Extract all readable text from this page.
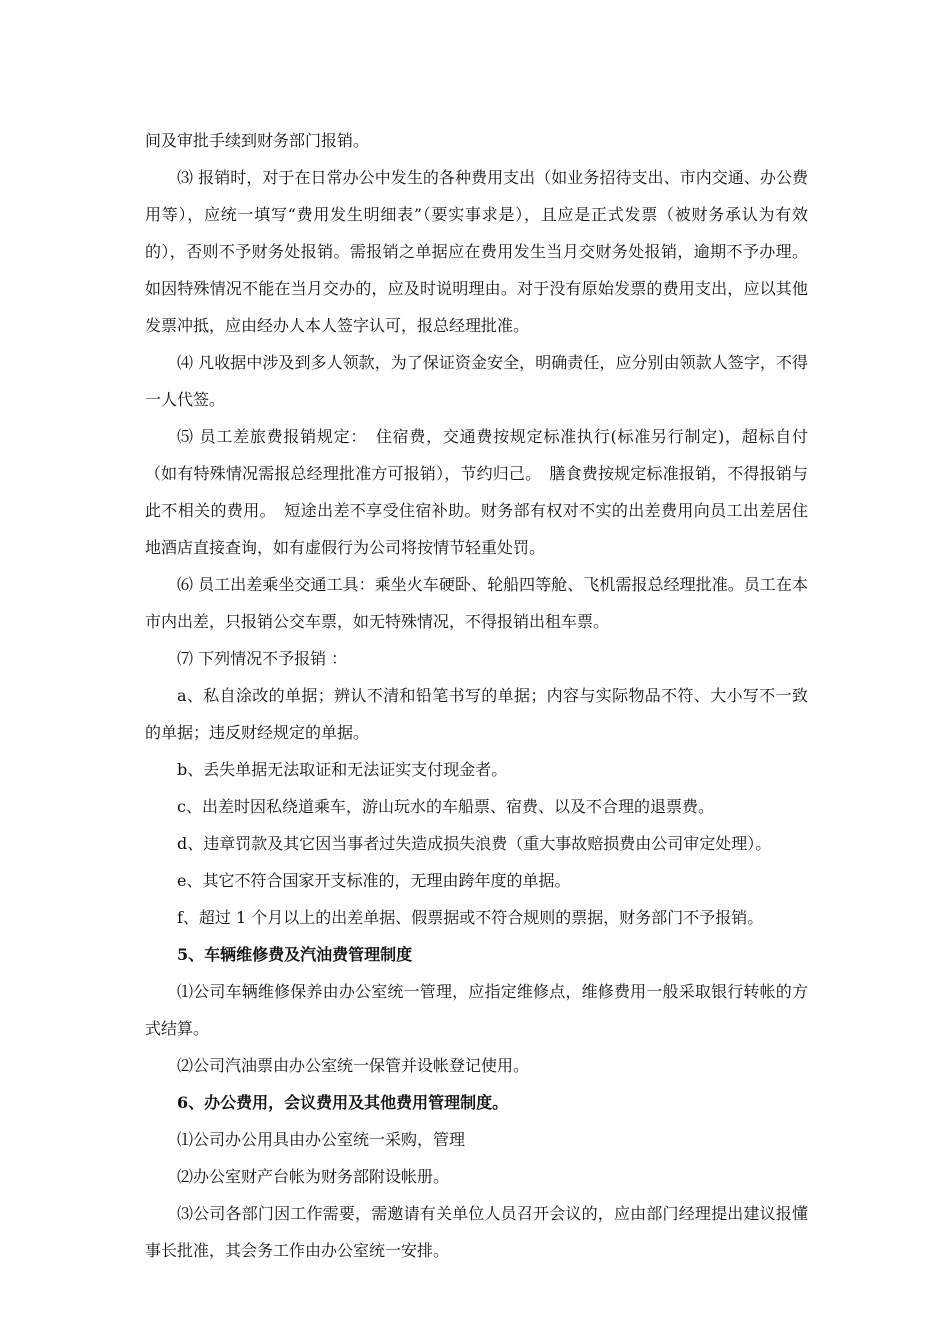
间及审批手续到财务部门报销。

⑶ 报销时，对于在日常办公中发生的各种费用支出（如业务招待支出、市内交通、办公费用等），应统一填写“费用发生明细表”（要实事求是），且应是正式发票（被财务承认为有效的），否则不予财务处报销。需报销之单据应在费用发生当月交财务处报销，逾期不予办理。如因特殊情况不能在当月交办的，应及时说明理由。对于没有原始发票的费用支出，应以其他发票冲抵，应由经办人本人签字认可，报总经理批准。

⑷ 凡收据中涉及到多人领款，为了保证资金安全，明确责任，应分别由领款人签字，不得一人代签。

⑸ 员工差旅费报销规定：　住宿费，交通费按规定标准执行(标准另行制定)，超标自付（如有特殊情况需报总经理批准方可报销），节约归己。　膳食费按规定标准报销，不得报销与此不相关的费用。　短途出差不享受住宿补助。财务部有权对不实的出差费用向员工出差居住地酒店直接查询，如有虚假行为公司将按情节轻重处罚。

⑹ 员工出差乘坐交通工具：乘坐火车硬卧、轮船四等舱、飞机需报总经理批准。员工在本市内出差，只报销公交车票，如无特殊情况，不得报销出租车票。

⑺ 下列情况不予报销 ：

a、私自涂改的单据；辨认不清和铅笔书写的单据；内容与实际物品不符、大小写不一致的单据；违反财经规定的单据。

b、丢失单据无法取证和无法证实支付现金者。

c、出差时因私绕道乘车，游山玩水的车船票、宿费、以及不合理的退票费。

d、违章罚款及其它因当事者过失造成损失浪费（重大事故赔损费由公司审定处理）。

e、其它不符合国家开支标准的，无理由跨年度的单据。

f、超过 1 个月以上的出差单据、假票据或不符合规则的票据，财务部门不予报销。

5、车辆维修费及汽油费管理制度

⑴公司车辆维修保养由办公室统一管理，应指定维修点，维修费用一般采取银行转帐的方式结算。

⑵公司汽油票由办公室统一保管并设帐登记使用。

6、办公费用，会议费用及其他费用管理制度。

⑴公司办公用具由办公室统一采购，管理

⑵办公室财产台帐为财务部附设帐册。

⑶公司各部门因工作需要，需邀请有关单位人员召开会议的，应由部门经理提出建议报懂事长批准，其会务工作由办公室统一安排。
